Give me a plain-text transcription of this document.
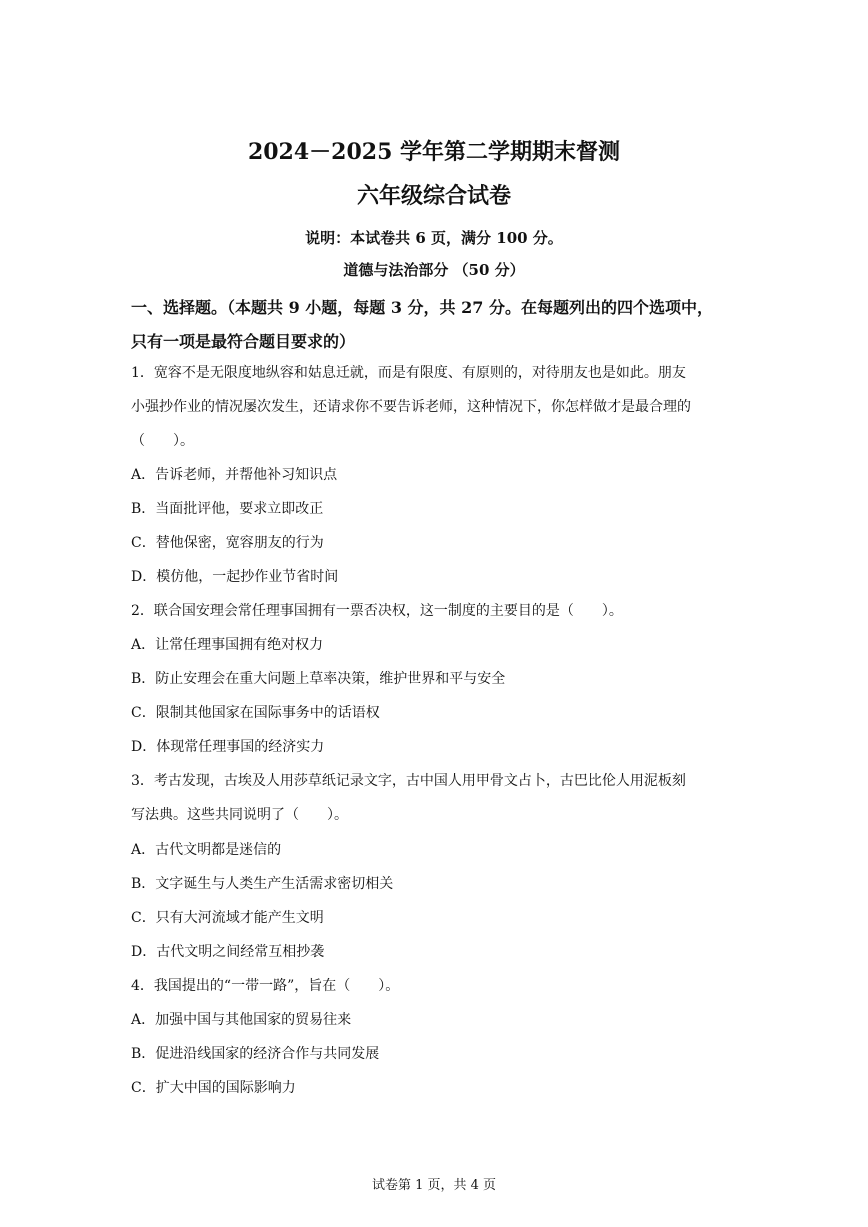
2024－2025 学年第二学期期末督测
六年级综合试卷
说明：本试卷共 6 页，满分 100 分。
道德与法治部分 （50 分）
一、选择题。（本题共 9 小题，每题 3 分，共 27 分。在每题列出的四个选项中，
只有一项是最符合题目要求的）
1．宽容不是无限度地纵容和姑息迁就，而是有限度、有原则的，对待朋友也是如此。朋友
小强抄作业的情况屡次发生，还请求你不要告诉老师，这种情况下，你怎样做才是最合理的
（　　）。
A．告诉老师，并帮他补习知识点
B．当面批评他，要求立即改正
C．替他保密，宽容朋友的行为
D．模仿他，一起抄作业节省时间
2．联合国安理会常任理事国拥有一票否决权，这一制度的主要目的是（　　）。
A．让常任理事国拥有绝对权力
B．防止安理会在重大问题上草率决策，维护世界和平与安全
C．限制其他国家在国际事务中的话语权
D．体现常任理事国的经济实力
3．考古发现，古埃及人用莎草纸记录文字，古中国人用甲骨文占卜，古巴比伦人用泥板刻
写法典。这些共同说明了（　　）。
A．古代文明都是迷信的
B．文字诞生与人类生产生活需求密切相关
C．只有大河流域才能产生文明
D．古代文明之间经常互相抄袭
4．我国提出的“一带一路”，旨在（　　）。
A．加强中国与其他国家的贸易往来
B．促进沿线国家的经济合作与共同发展
C．扩大中国的国际影响力
试卷第 1 页，共 4 页
